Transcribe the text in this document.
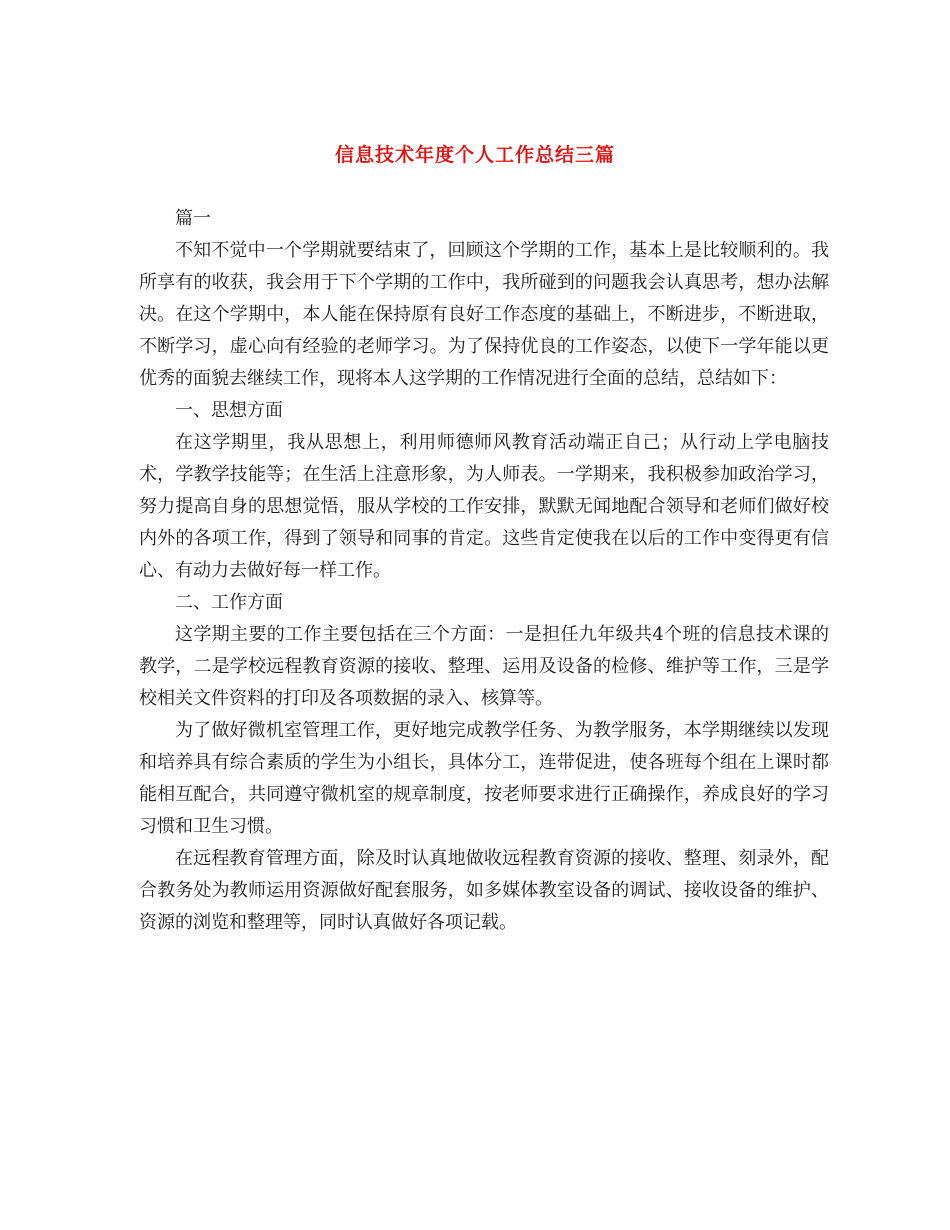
信息技术年度个人工作总结三篇

篇一

不知不觉中一个学期就要结束了，回顾这个学期的工作，基本上是比较顺利的。我所享有的收获，我会用于下个学期的工作中，我所碰到的问题我会认真思考，想办法解决。在这个学期中，本人能在保持原有良好工作态度的基础上，不断进步，不断进取，不断学习，虚心向有经验的老师学习。为了保持优良的工作姿态，以使下一学年能以更优秀的面貌去继续工作，现将本人这学期的工作情况进行全面的总结，总结如下：

一、思想方面

在这学期里，我从思想上，利用师德师风教育活动端正自己；从行动上学电脑技术，学教学技能等；在生活上注意形象，为人师表。一学期来，我积极参加政治学习，努力提高自身的思想觉悟，服从学校的工作安排，默默无闻地配合领导和老师们做好校内外的各项工作，得到了领导和同事的肯定。这些肯定使我在以后的工作中变得更有信心、有动力去做好每一样工作。

二、工作方面

这学期主要的工作主要包括在三个方面：一是担任九年级共4个班的信息技术课的教学，二是学校远程教育资源的接收、整理、运用及设备的检修、维护等工作，三是学校相关文件资料的打印及各项数据的录入、核算等。

为了做好微机室管理工作，更好地完成教学任务、为教学服务，本学期继续以发现和培养具有综合素质的学生为小组长，具体分工，连带促进，使各班每个组在上课时都能相互配合，共同遵守微机室的规章制度，按老师要求进行正确操作，养成良好的学习习惯和卫生习惯。

在远程教育管理方面，除及时认真地做收远程教育资源的接收、整理、刻录外，配合教务处为教师运用资源做好配套服务，如多媒体教室设备的调试、接收设备的维护、资源的浏览和整理等，同时认真做好各项记载。
